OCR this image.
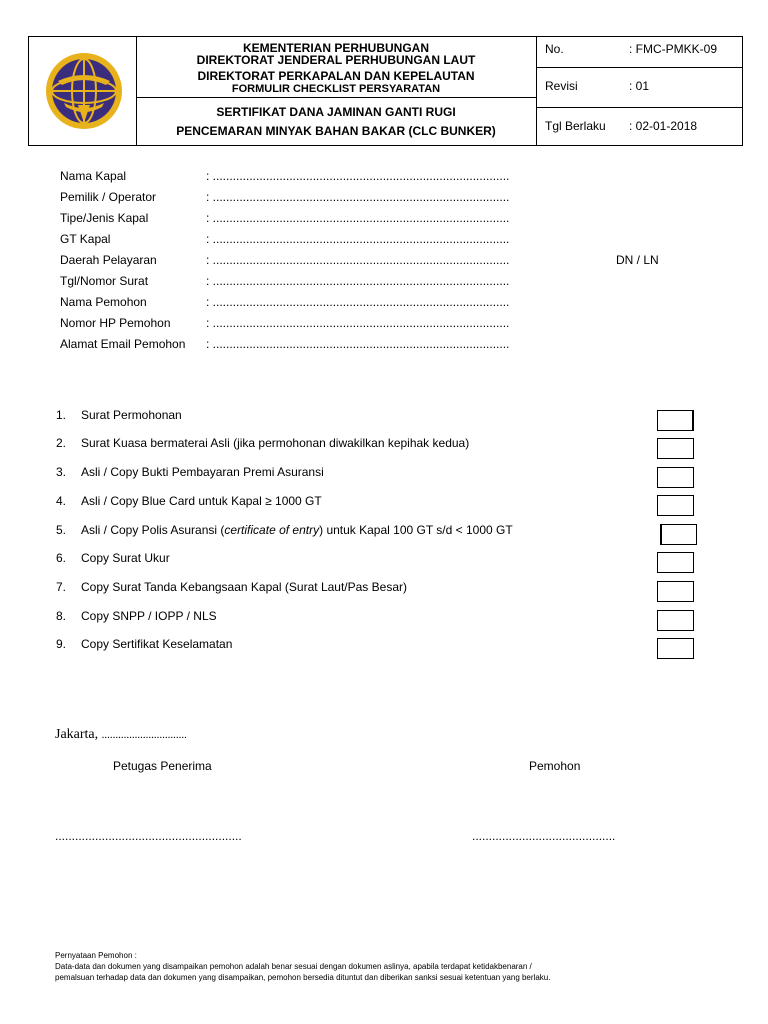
KEMENTERIAN PERHUBUNGAN
DIREKTORAT JENDERAL PERHUBUNGAN LAUT
DIREKTORAT PERKAPALAN DAN KEPELAUTAN
FORMULIR CHECKLIST PERSYARATAN
SERTIFIKAT DANA JAMINAN GANTI RUGI
PENCEMARAN MINYAK BAHAN BAKAR (CLC BUNKER)
No.	: FMC-PMKK-09
Revisi	: 01
Tgl Berlaku : 02-01-2018
Nama Kapal	: .........................................................................................
Pemilik / Operator	: .........................................................................................
Tipe/Jenis Kapal	: .........................................................................................
GT Kapal	: .........................................................................................
Daerah Pelayaran	: .........................................................................................	DN / LN
Tgl/Nomor Surat	: .........................................................................................
Nama Pemohon	: .........................................................................................
Nomor HP Pemohon	: .........................................................................................
Alamat Email Pemohon : .........................................................................................
1. Surat Permohonan
2. Surat Kuasa bermaterai Asli (jika permohonan diwakilkan kepihak kedua)
3. Asli / Copy Bukti Pembayaran Premi Asuransi
4. Asli / Copy Blue Card untuk Kapal ≥ 1000 GT
5. Asli / Copy Polis Asuransi (certificate of entry) untuk Kapal 100 GT s/d < 1000 GT
6. Copy Surat Ukur
7. Copy Surat Tanda Kebangsaan Kapal (Surat Laut/Pas Besar)
8. Copy SNPP / IOPP / NLS
9. Copy Sertifikat Keselamatan
Jakarta, ...............................
Petugas Penerima	Pemohon
........................................................	...........................................
Pernyataan Pemohon :
Data-data dan dokumen yang disampaikan pemohon adalah benar sesuai dengan dokumen aslinya, apabila terdapat ketidakbenaran /
pemalsuan terhadap data dan dokumen yang disampaikan, pemohon bersedia dituntut dan diberikan sanksi sesuai ketentuan yang berlaku.
